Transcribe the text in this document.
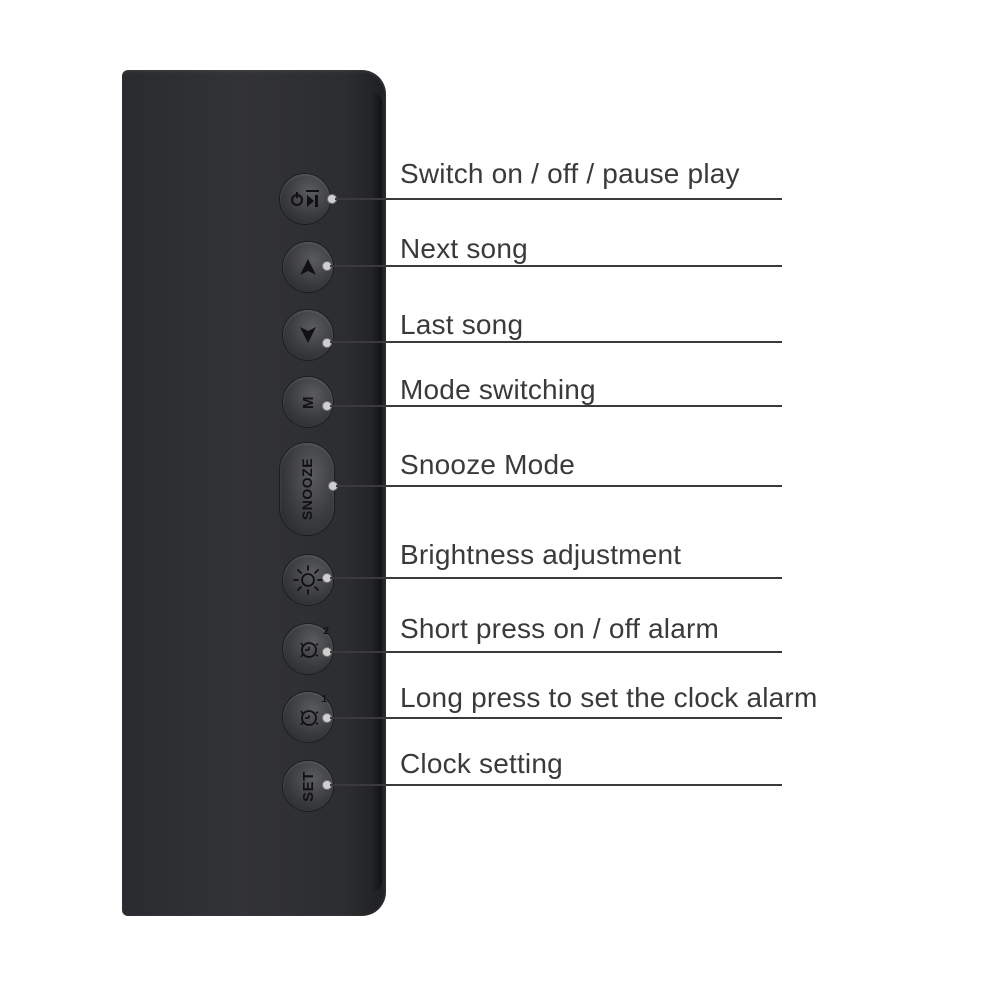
M
SNOOZE
2
1
SET
Switch on / off / pause play
Next song
Last song
Mode switching
Snooze Mode
Brightness adjustment
Short press on / off alarm
Long press to set the clock alarm
Clock setting
